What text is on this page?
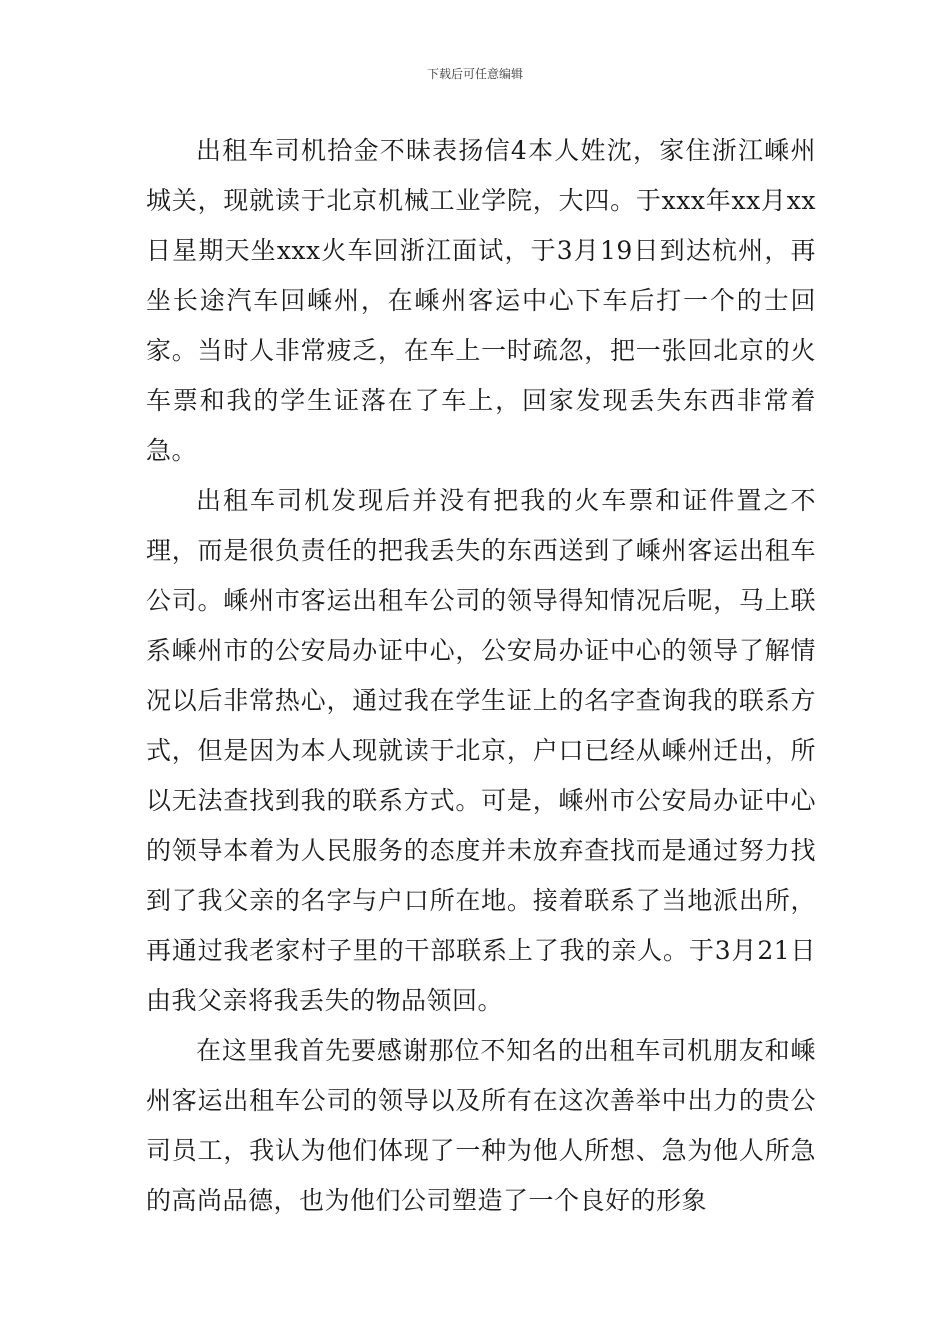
下载后可任意编辑

出租车司机拾金不昧表扬信4本人姓沈，家住浙江嵊州城关，现就读于北京机械工业学院，大四。于xxx年xx月xx日星期天坐xxx火车回浙江面试，于3月19日到达杭州，再坐长途汽车回嵊州，在嵊州客运中心下车后打一个的士回家。当时人非常疲乏，在车上一时疏忽，把一张回北京的火车票和我的学生证落在了车上，回家发现丢失东西非常着急。

出租车司机发现后并没有把我的火车票和证件置之不理，而是很负责任的把我丢失的东西送到了嵊州客运出租车公司。嵊州市客运出租车公司的领导得知情况后呢，马上联系嵊州市的公安局办证中心，公安局办证中心的领导了解情况以后非常热心，通过我在学生证上的名字查询我的联系方式，但是因为本人现就读于北京，户口已经从嵊州迁出，所以无法查找到我的联系方式。可是，嵊州市公安局办证中心的领导本着为人民服务的态度并未放弃查找而是通过努力找到了我父亲的名字与户口所在地。接着联系了当地派出所，再通过我老家村子里的干部联系上了我的亲人。于3月21日由我父亲将我丢失的物品领回。

在这里我首先要感谢那位不知名的出租车司机朋友和嵊州客运出租车公司的领导以及所有在这次善举中出力的贵公司员工，我认为他们体现了一种为他人所想、急为他人所急的高尚品德，也为他们公司塑造了一个良好的形象
